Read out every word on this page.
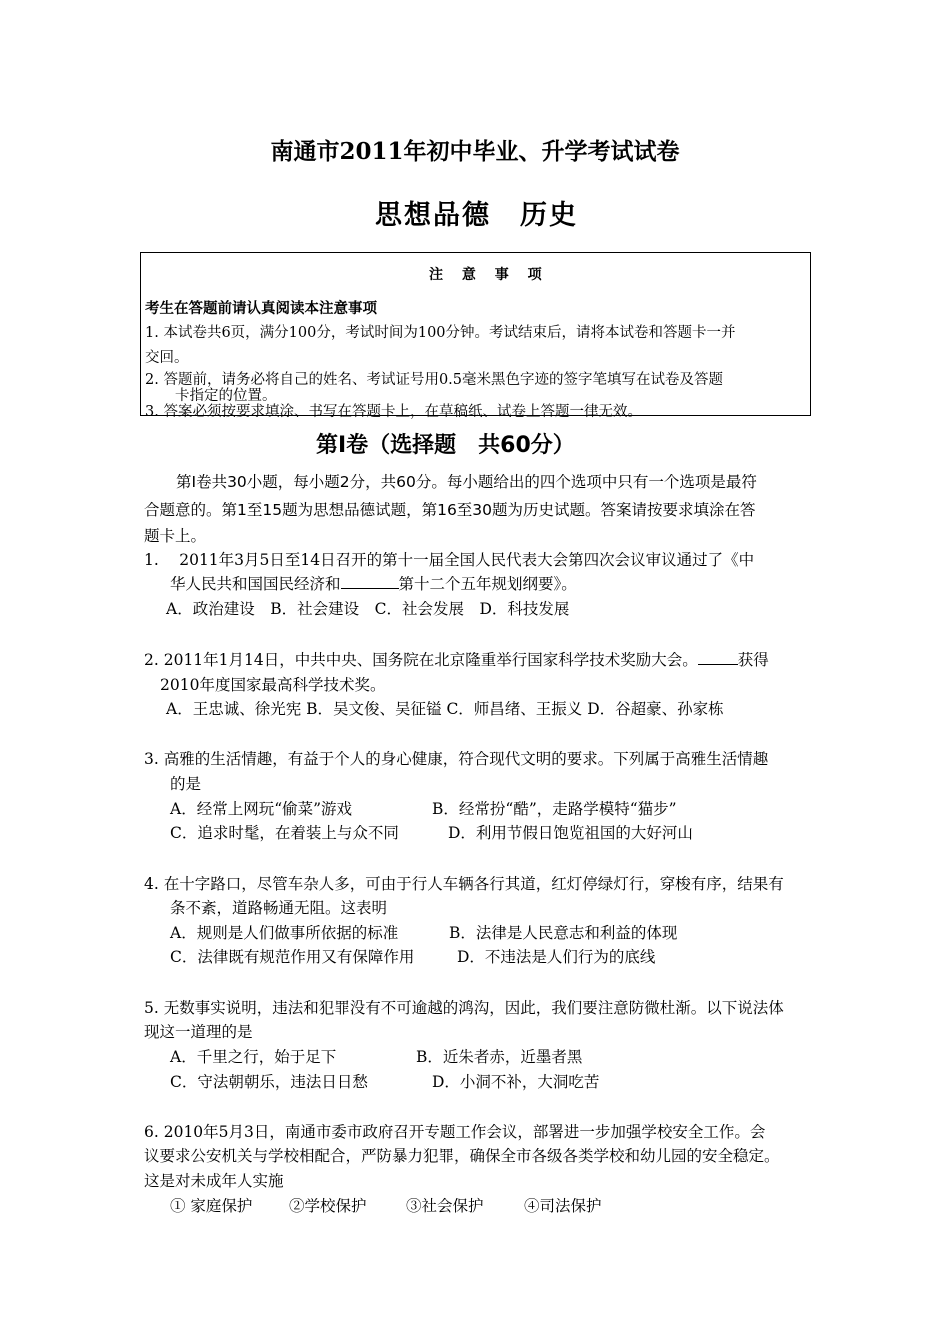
南通市2011年初中毕业、升学考试试卷
思想品德　历史
注 意 事 项
考生在答题前请认真阅读本注意事项
1. 本试卷共6页，满分100分，考试时间为100分钟。考试结束后，请将本试卷和答题卡一并
交回。
2. 答题前，请务必将自己的姓名、考试证号用0.5毫米黑色字迹的签字笔填写在试卷及答题
卡指定的位置。
3. 答案必须按要求填涂、书写在答题卡上，在草稿纸、试卷上答题一律无效。
第Ⅰ卷（选择题　共60分）
第Ⅰ卷共30小题，每小题2分，共60分。每小题给出的四个选项中只有一个选项是最符
合题意的。第1至15题为思想品德试题，第16至30题为历史试题。答案请按要求填涂在答
题卡上。
1.　 2011年3月5日至14日召开的第十一届全国人民代表大会第四次会议审议通过了《中
华人民共和国国民经济和	第十二个五年规划纲要》。
A．政治建设　B．社会建设　C．社会发展　D．科技发展
2. 2011年1月14日，中共中央、国务院在北京隆重举行国家科学技术奖励大会。	获得
2010年度国家最高科学技术奖。
A．王忠诚、徐光宪 B．吴文俊、吴征镒 C．师昌绪、王振义 D．谷超豪、孙家栋
3. 高雅的生活情趣，有益于个人的身心健康，符合现代文明的要求。下列属于高雅生活情趣
的是
A．经常上网玩“偷菜”游戏	B．经常扮“酷”，走路学模特“猫步”
C．追求时髦，在着装上与众不同	D．利用节假日饱览祖国的大好河山
4. 在十字路口，尽管车杂人多，可由于行人车辆各行其道，红灯停绿灯行，穿梭有序，结果有
条不紊，道路畅通无阻。这表明
A．规则是人们做事所依据的标准	B．法律是人民意志和利益的体现
C．法律既有规范作用又有保障作用	D．不违法是人们行为的底线
5. 无数事实说明，违法和犯罪没有不可逾越的鸿沟，因此，我们要注意防微杜渐。以下说法体
现这一道理的是
A．千里之行，始于足下	B．近朱者赤，近墨者黑
C．守法朝朝乐，违法日日愁	D．小洞不补，大洞吃苦
6. 2010年5月3日，南通市委市政府召开专题工作会议，部署进一步加强学校安全工作。会
议要求公安机关与学校相配合，严防暴力犯罪，确保全市各级各类学校和幼儿园的安全稳定。
这是对未成年人实施
① 家庭保护 ②学校保护	③社会保护	④司法保护
